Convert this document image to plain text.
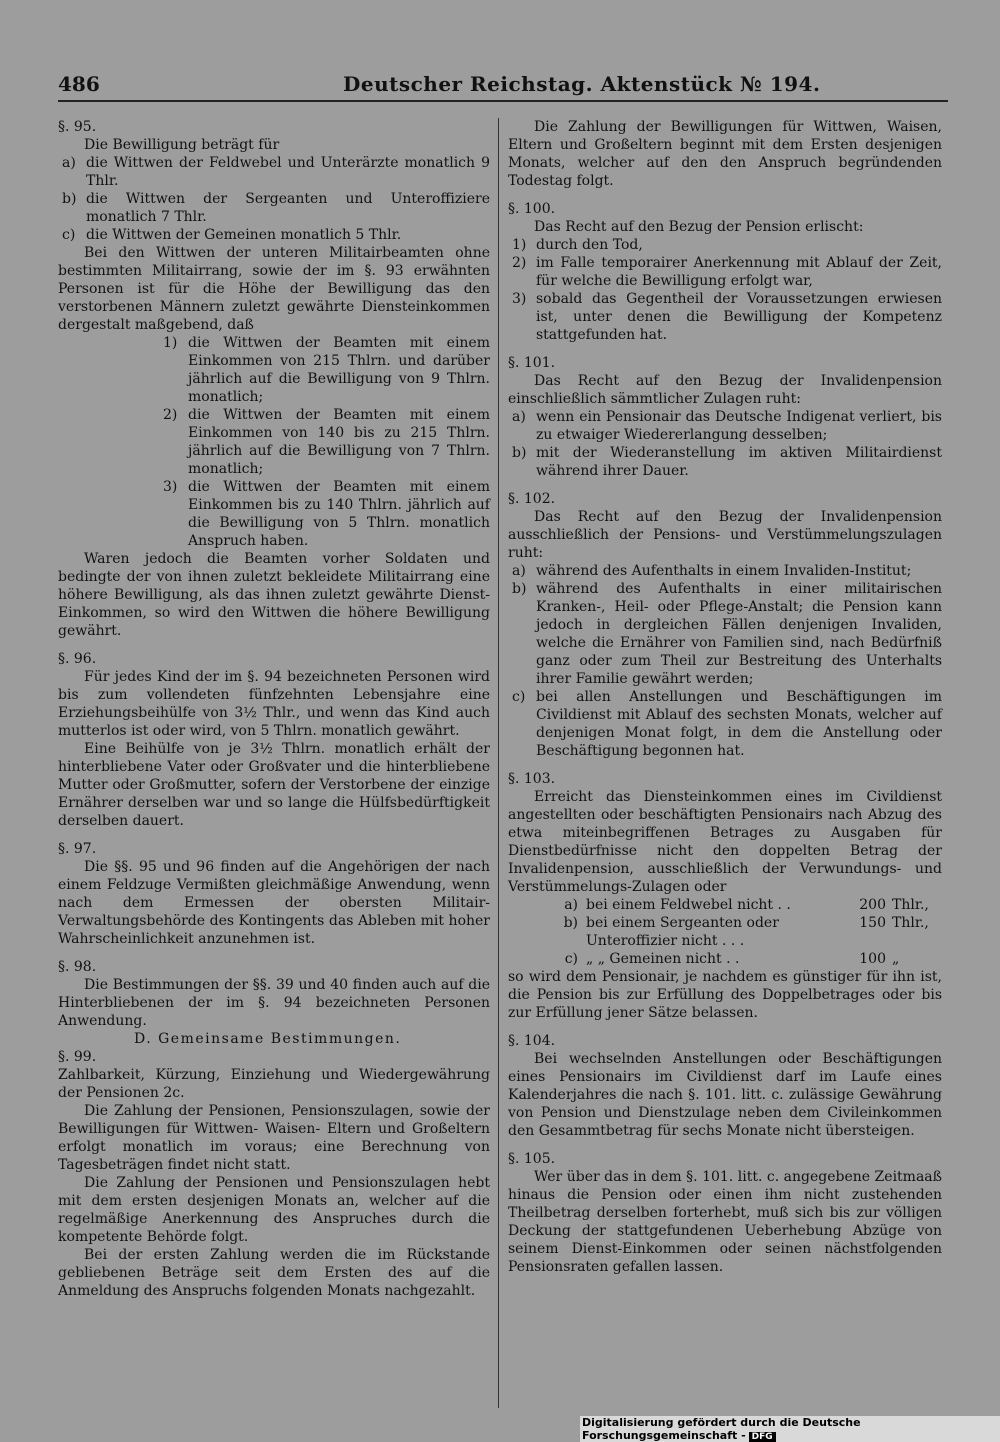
486	Deutscher Reichstag. Aktenstück № 194.

§. 95.

Die Bewilligung beträgt für

a) die Wittwen der Feldwebel und Unterärzte monatlich 9 Thlr.

b) die Wittwen der Sergeanten und Unteroffiziere monatlich 7 Thlr.

c) die Wittwen der Gemeinen monatlich 5 Thlr.

Bei den Wittwen der unteren Militairbeamten ohne bestimmten Militairrang, sowie der im §. 93 erwähnten Personen ist für die Höhe der Bewilligung das den verstorbenen Männern zuletzt gewährte Diensteinkommen dergestalt maßgebend, daß

1) die Wittwen der Beamten mit einem Einkommen von 215 Thlrn. und darüber jährlich auf die Bewilligung von 9 Thlrn. monatlich;

2) die Wittwen der Beamten mit einem Einkommen von 140 bis zu 215 Thlrn. jährlich auf die Bewilligung von 7 Thlrn. monatlich;

3) die Wittwen der Beamten mit einem Einkommen bis zu 140 Thlrn. jährlich auf die Bewilligung von 5 Thlrn. monatlich Anspruch haben.

Waren jedoch die Beamten vorher Soldaten und bedingte der von ihnen zuletzt bekleidete Militairrang eine höhere Bewilligung, als das ihnen zuletzt gewährte Dienst-Einkommen, so wird den Wittwen die höhere Bewilligung gewährt.

§. 96.

Für jedes Kind der im §. 94 bezeichneten Personen wird bis zum vollendeten fünfzehnten Lebensjahre eine Erziehungsbeihülfe von 3½ Thlr., und wenn das Kind auch mutterlos ist oder wird, von 5 Thlrn. monatlich gewährt.

Eine Beihülfe von je 3½ Thlrn. monatlich erhält der hinterbliebene Vater oder Großvater und die hinterbliebene Mutter oder Großmutter, sofern der Verstorbene der einzige Ernährer derselben war und so lange die Hülfsbedürftigkeit derselben dauert.

§. 97.

Die §§. 95 und 96 finden auf die Angehörigen der nach einem Feldzuge Vermißten gleichmäßige Anwendung, wenn nach dem Ermessen der obersten Militair-Verwaltungsbehörde des Kontingents das Ableben mit hoher Wahrscheinlichkeit anzunehmen ist.

§. 98.

Die Bestimmungen der §§. 39 und 40 finden auch auf die Hinterbliebenen der im §. 94 bezeichneten Personen Anwendung.

D. Gemeinsame Bestimmungen.

§. 99.

Zahlbarkeit, Kürzung, Einziehung und Wiedergewährung der Pensionen 2c.

Die Zahlung der Pensionen, Pensionszulagen, sowie der Bewilligungen für Wittwen- Waisen- Eltern und Großeltern erfolgt monatlich im voraus; eine Berechnung von Tagesbeträgen findet nicht statt.

Die Zahlung der Pensionen und Pensionszulagen hebt mit dem ersten desjenigen Monats an, welcher auf die regelmäßige Anerkennung des Anspruches durch die kompetente Behörde folgt.

Bei der ersten Zahlung werden die im Rückstande gebliebenen Beträge seit dem Ersten des auf die Anmeldung des Anspruchs folgenden Monats nachgezahlt.

Die Zahlung der Bewilligungen für Wittwen, Waisen, Eltern und Großeltern beginnt mit dem Ersten desjenigen Monats, welcher auf den den Anspruch begründenden Todestag folgt.

§. 100.

Das Recht auf den Bezug der Pension erlischt:

1) durch den Tod,

2) im Falle temporairer Anerkennung mit Ablauf der Zeit, für welche die Bewilligung erfolgt war,

3) sobald das Gegentheil der Voraussetzungen erwiesen ist, unter denen die Bewilligung der Kompetenz stattgefunden hat.

§. 101.

Das Recht auf den Bezug der Invalidenpension einschließlich sämmtlicher Zulagen ruht:

a) wenn ein Pensionair das Deutsche Indigenat verliert, bis zu etwaiger Wiedererlangung desselben;

b) mit der Wiederanstellung im aktiven Militairdienst während ihrer Dauer.

§. 102.

Das Recht auf den Bezug der Invalidenpension ausschließlich der Pensions- und Verstümmelungszulagen ruht:

a) während des Aufenthalts in einem Invaliden-Institut;

b) während des Aufenthalts in einer militairischen Kranken-, Heil- oder Pflege-Anstalt; die Pension kann jedoch in dergleichen Fällen denjenigen Invaliden, welche die Ernährer von Familien sind, nach Bedürfniß ganz oder zum Theil zur Bestreitung des Unterhalts ihrer Familie gewährt werden;

c) bei allen Anstellungen und Beschäftigungen im Civildienst mit Ablauf des sechsten Monats, welcher auf denjenigen Monat folgt, in dem die Anstellung oder Beschäftigung begonnen hat.

§. 103.

Erreicht das Diensteinkommen eines im Civildienst angestellten oder beschäftigten Pensionairs nach Abzug des etwa miteinbegriffenen Betrages zu Ausgaben für Dienstbedürfnisse nicht den doppelten Betrag der Invalidenpension, ausschließlich der Verwundungs- und Verstümmelungs-Zulagen oder

a) bei einem Feldwebel nicht . .	200 Thlr.,
b) bei einem Sergeanten oder Unteroffizier nicht . . .
150 Thlr.,
c) „ „ Gemeinen nicht . .	100 „

so wird dem Pensionair, je nachdem es günstiger für ihn ist, die Pension bis zur Erfüllung des Doppelbetrages oder bis zur Erfüllung jener Sätze belassen.

§. 104.

Bei wechselnden Anstellungen oder Beschäftigungen eines Pensionairs im Civildienst darf im Laufe eines Kalenderjahres die nach §. 101. litt. c. zulässige Gewährung von Pension und Dienstzulage neben dem Civileinkommen den Gesammtbetrag für sechs Monate nicht übersteigen.

§. 105.

Wer über das in dem §. 101. litt. c. angegebene Zeitmaaß hinaus die Pension oder einen ihm nicht zustehenden Theilbetrag derselben forterhebt, muß sich bis zur völligen Deckung der stattgefundenen Ueberhebung Abzüge von seinem Dienst-Einkommen oder seinen nächstfolgenden Pensionsraten gefallen lassen.

Digitalisierung gefördert durch die Deutsche Forschungsgemeinschaft - DFG
